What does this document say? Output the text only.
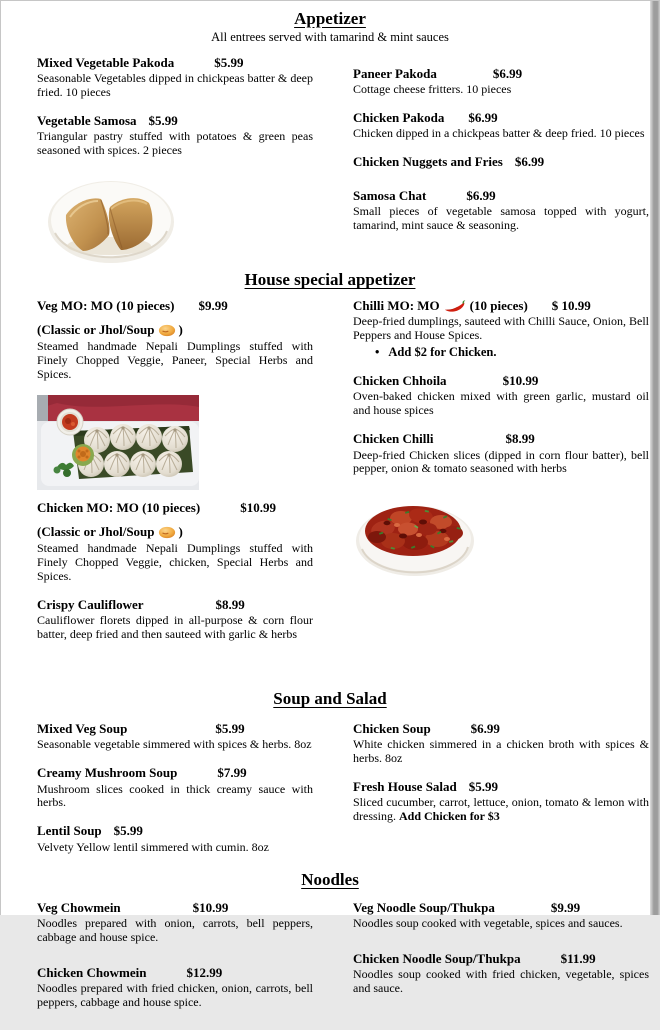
Appetizer
All entrees served with tamarind & mint sauces
Mixed Vegetable Pakoda	$5.99
Seasonable Vegetables dipped in chickpeas batter & deep fried. 10 pieces
Vegetable Samosa $5.99
Triangular pastry stuffed with potatoes & green peas seasoned with spices. 2 pieces
Paneer Pakoda	$6.99
Cottage cheese fritters. 10 pieces
Chicken Pakoda $6.99
Chicken dipped in a chickpeas batter & deep fried. 10 pieces
Chicken Nuggets and Fries $6.99
Samosa Chat	$6.99
Small pieces of vegetable samosa topped with yogurt, tamarind, mint sauce & seasoning.
House special appetizer
Veg MO: MO (10 pieces) $9.99
(Classic or Jhol/Soup )
Steamed handmade Nepali Dumplings stuffed with Finely Chopped Veggie, Paneer, Special Herbs and Spices.
Chicken MO: MO (10 pieces)	$10.99
(Classic or Jhol/Soup )
Steamed handmade Nepali Dumplings stuffed with Finely Chopped Veggie, chicken, Special Herbs and Spices.
Crispy Cauliflower	$8.99
Cauliflower florets dipped in all-purpose & corn flour batter, deep fried and then sauteed with garlic & herbs
Chilli MO: MO (10 pieces) $ 10.99
Deep-fried dumplings, sauteed with Chilli Sauce, Onion, Bell Peppers and House Spices.
• Add $2 for Chicken.
Chicken Chhoila	$10.99
Oven-baked chicken mixed with green garlic, mustard oil and house spices
Chicken Chilli	$8.99
Deep-fried Chicken slices (dipped in corn flour batter), bell pepper, onion & tomato seasoned with herbs
Soup and Salad
Mixed Veg Soup	$5.99
Seasonable vegetable simmered with spices & herbs. 8oz
Creamy Mushroom Soup	$7.99
Mushroom slices cooked in thick creamy sauce with herbs.
Lentil Soup $5.99
Velvety Yellow lentil simmered with cumin. 8oz
Chicken Soup	$6.99
White chicken simmered in a chicken broth with spices & herbs. 8oz
Fresh House Salad $5.99
Sliced cucumber, carrot, lettuce, onion, tomato & lemon with dressing. Add Chicken for $3
Noodles
Veg Chowmein	$10.99
Noodles prepared with onion, carrots, bell peppers, cabbage and house spice.
Chicken Chowmein	$12.99
Noodles prepared with fried chicken, onion, carrots, bell peppers, cabbage and house spice.
Veg Noodle Soup/Thukpa	$9.99
Noodles soup cooked with vegetable, spices and sauces.
Chicken Noodle Soup/Thukpa	$11.99
Noodles soup cooked with fried chicken, vegetable, spices and sauce.
